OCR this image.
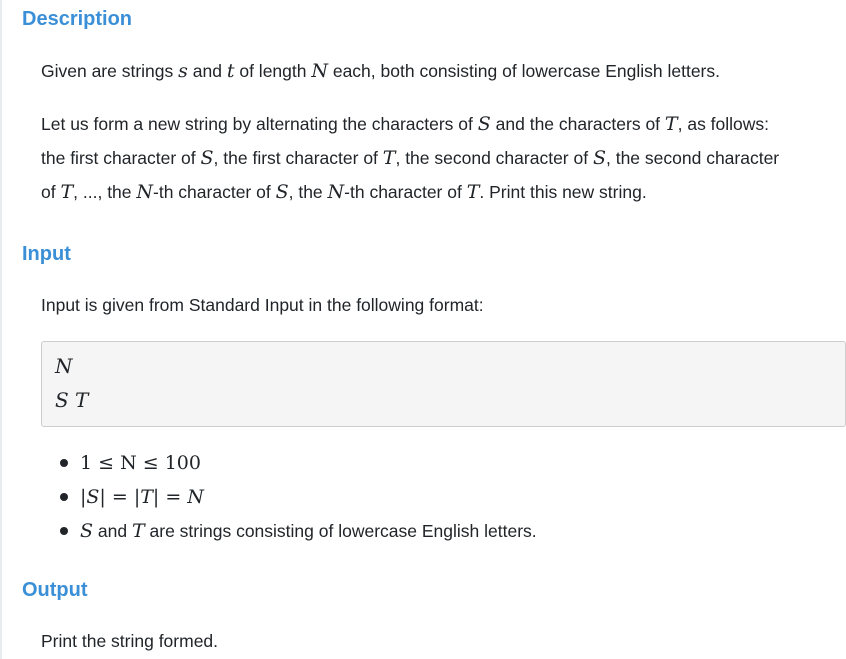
Description

Given are strings s and t of length N each, both consisting of lowercase English letters.

Let us form a new string by alternating the characters of S and the characters of T, as follows:
the first character of S, the first character of T, the second character of S, the second character
of T, ..., the N-th character of S, the N-th character of T. Print this new string.

Input

Input is given from Standard Input in the following format:

N

S T

1 ≤ N ≤ 100
|S| = |T| = N
S and T are strings consisting of lowercase English letters.
Output

Print the string formed.
